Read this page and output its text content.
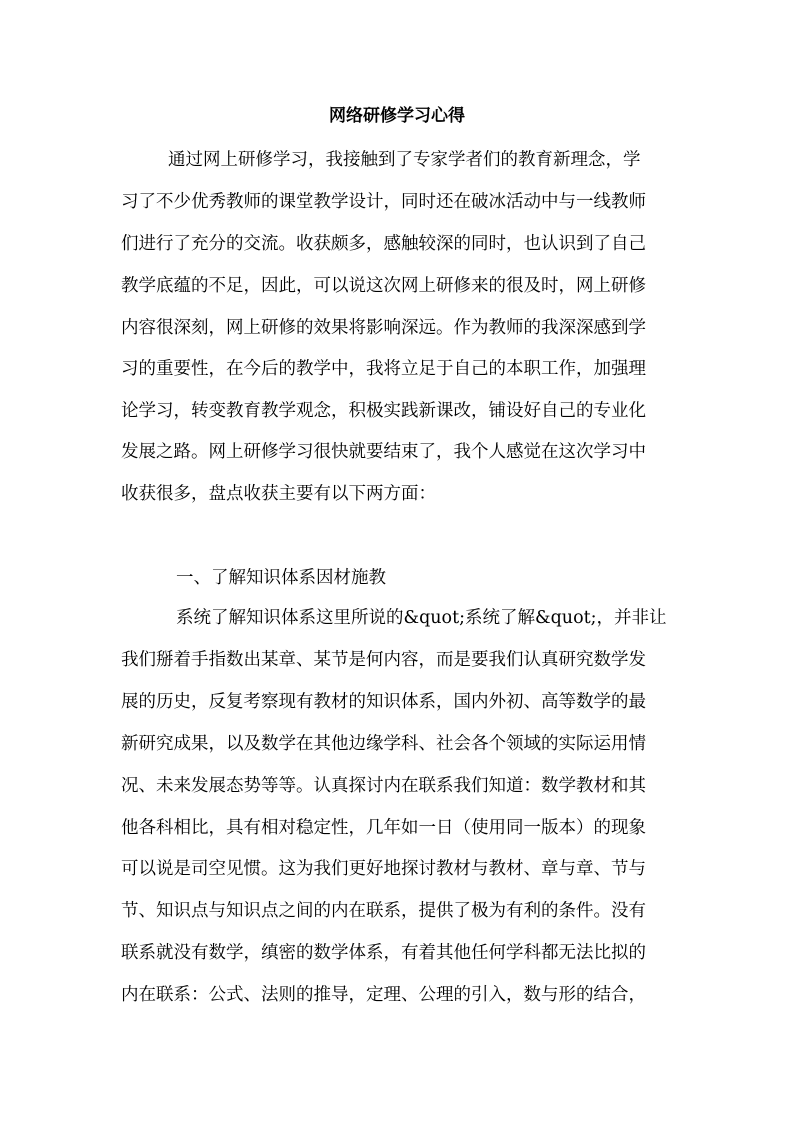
网络研修学习心得
通过网上研修学习，我接触到了专家学者们的教育新理念，学
习了不少优秀教师的课堂教学设计，同时还在破冰活动中与一线教师
们进行了充分的交流。收获颇多，感触较深的同时，也认识到了自己
教学底蕴的不足，因此，可以说这次网上研修来的很及时，网上研修
内容很深刻，网上研修的效果将影响深远。作为教师的我深深感到学
习的重要性，在今后的教学中，我将立足于自己的本职工作，加强理
论学习，转变教育教学观念，积极实践新课改，铺设好自己的专业化
发展之路。网上研修学习很快就要结束了，我个人感觉在这次学习中
收获很多，盘点收获主要有以下两方面：
一、了解知识体系因材施教
系统了解知识体系这里所说的&quot;系统了解&quot;，并非让
我们掰着手指数出某章、某节是何内容，而是要我们认真研究数学发
展的历史，反复考察现有教材的知识体系，国内外初、高等数学的最
新研究成果，以及数学在其他边缘学科、社会各个领域的实际运用情
况、未来发展态势等等。认真探讨内在联系我们知道：数学教材和其
他各科相比，具有相对稳定性，几年如一日（使用同一版本）的现象
可以说是司空见惯。这为我们更好地探讨教材与教材、章与章、节与
节、知识点与知识点之间的内在联系，提供了极为有利的条件。没有
联系就没有数学，缜密的数学体系，有着其他任何学科都无法比拟的
内在联系：公式、法则的推导，定理、公理的引入，数与形的结合，
